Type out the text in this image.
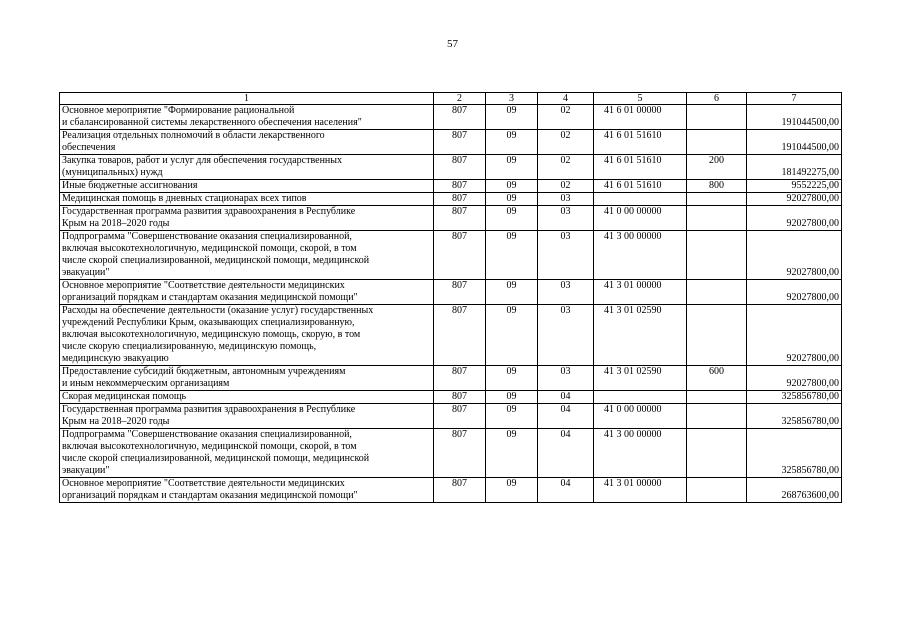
57
1	2	3	4	5	6	7
Основное мероприятие "Формирование рациональной
и сбалансированной системы лекарственного обеспечения населения"	807	09	02	41 6 01 00000		191044500,00
Реализация отдельных полномочий в области лекарственного
обеспечения	807	09	02	41 6 01 51610		191044500,00
Закупка товаров, работ и услуг для обеспечения государственных
(муниципальных) нужд	807	09	02	41 6 01 51610	200	181492275,00
Иные бюджетные ассигнования	807	09	02	41 6 01 51610	800	9552225,00
Медицинская помощь в дневных стационарах всех типов	807	09	03			92027800,00
Государственная программа развития здравоохранения в Республике
Крым на 2018–2020 годы	807	09	03	41 0 00 00000		92027800,00
Подпрограмма "Совершенствование оказания специализированной,
включая высокотехнологичную, медицинской помощи, скорой, в том
числе скорой специализированной, медицинской помощи, медицинской
эвакуации"	807	09	03	41 3 00 00000		92027800,00
Основное мероприятие "Соответствие деятельности медицинских
организаций порядкам и стандартам оказания медицинской помощи"	807	09	03	41 3 01 00000		92027800,00
Расходы на обеспечение деятельности (оказание услуг) государственных
учреждений Республики Крым, оказывающих специализированную,
включая высокотехнологичную, медицинскую помощь, скорую, в том
числе скорую специализированную, медицинскую помощь,
медицинскую эвакуацию	807	09	03	41 3 01 02590		92027800,00
Предоставление субсидий бюджетным, автономным учреждениям
и иным некоммерческим организациям	807	09	03	41 3 01 02590	600	92027800,00
Скорая медицинская помощь	807	09	04			325856780,00
Государственная программа развития здравоохранения в Республике
Крым на 2018–2020 годы	807	09	04	41 0 00 00000		325856780,00
Подпрограмма "Совершенствование оказания специализированной,
включая высокотехнологичную, медицинской помощи, скорой, в том
числе скорой специализированной, медицинской помощи, медицинской
эвакуации"	807	09	04	41 3 00 00000		325856780,00
Основное мероприятие "Соответствие деятельности медицинских
организаций порядкам и стандартам оказания медицинской помощи"	807	09	04	41 3 01 00000		268763600,00
